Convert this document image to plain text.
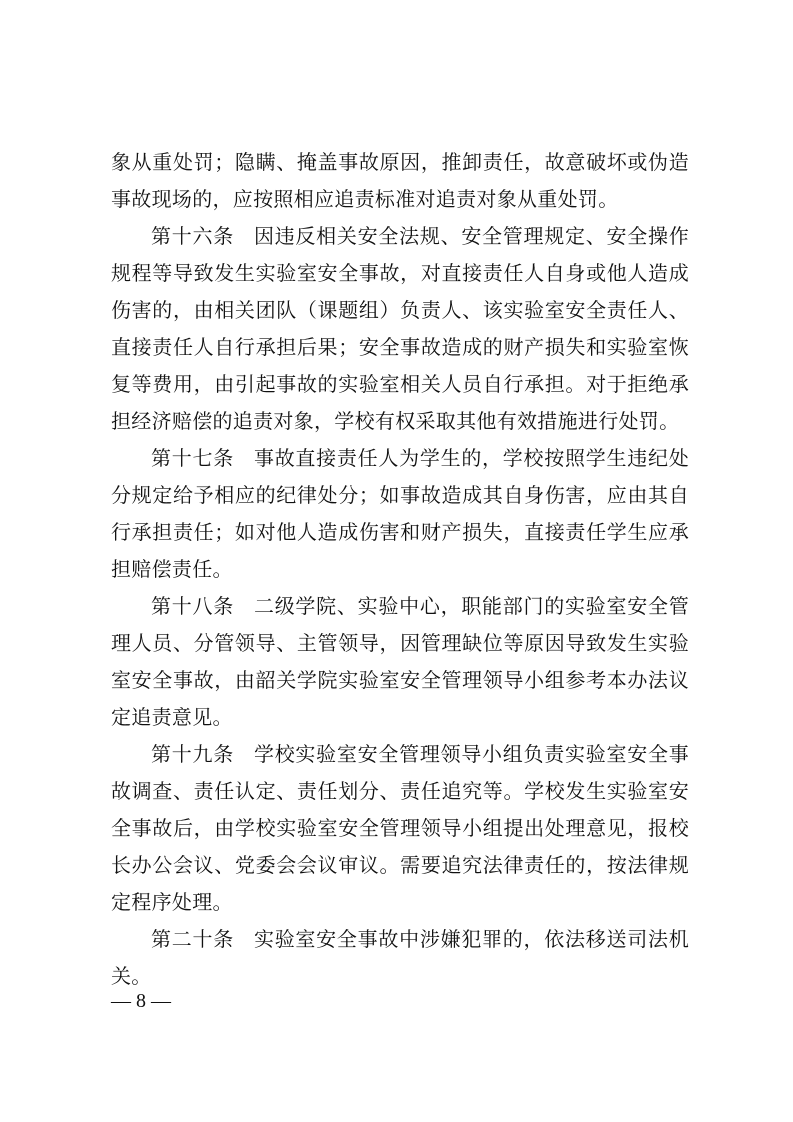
象从重处罚；隐瞒、掩盖事故原因，推卸责任，故意破坏或伪造事故现场的，应按照相应追责标准对追责对象从重处罚。

第十六条 因违反相关安全法规、安全管理规定、安全操作规程等导致发生实验室安全事故，对直接责任人自身或他人造成伤害的，由相关团队（课题组）负责人、该实验室安全责任人、直接责任人自行承担后果；安全事故造成的财产损失和实验室恢复等费用，由引起事故的实验室相关人员自行承担。对于拒绝承担经济赔偿的追责对象，学校有权采取其他有效措施进行处罚。

第十七条 事故直接责任人为学生的，学校按照学生违纪处分规定给予相应的纪律处分；如事故造成其自身伤害，应由其自行承担责任；如对他人造成伤害和财产损失，直接责任学生应承担赔偿责任。

第十八条 二级学院、实验中心，职能部门的实验室安全管理人员、分管领导、主管领导，因管理缺位等原因导致发生实验室安全事故，由韶关学院实验室安全管理领导小组参考本办法议定追责意见。

第十九条 学校实验室安全管理领导小组负责实验室安全事故调查、责任认定、责任划分、责任追究等。学校发生实验室安全事故后，由学校实验室安全管理领导小组提出处理意见，报校长办公会议、党委会会议审议。需要追究法律责任的，按法律规定程序处理。

第二十条 实验室安全事故中涉嫌犯罪的，依法移送司法机关。

— 8 —
